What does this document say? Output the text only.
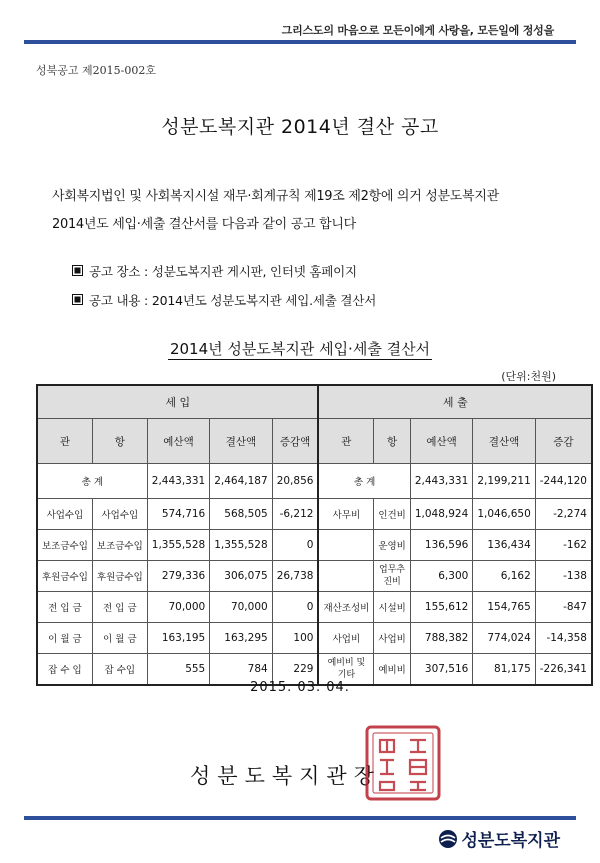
그리스도의 마음으로 모든이에게 사랑을, 모든일에 정성을
성북공고 제2015-002호
성분도복지관 2014년 결산 공고
사회복지법인 및 사회복지시설 재무·회계규칙 제19조 제2항에 의거 성분도복지관
2014년도 세입·세출 결산서를 다음과 같이 공고 합니다
공고 장소 : 성분도복지관 게시판, 인터넷 홈페이지
공고 내용 : 2014년도 성분도복지관 세입.세출 결산서
2014년 성분도복지관 세입·세출 결산서
(단위:천원)
세 입					세 출				
관	항	예산액	결산액	증감액	관	항	예산액	결산액	증감
총 계		2,443,331	2,464,187	20,856	총 계		2,443,331	2,199,211	-244,120
사업수입	사업수입	574,716	568,505	-6,212	사무비	인건비	1,048,924	1,046,650	-2,274
보조금수입	보조금수입	1,355,528	1,355,528	0		운영비	136,596	136,434	-162
후원금수입	후원금수입	279,336	306,075	26,738		업무추진비	6,300	6,162	-138
전 입 금	전 입 금	70,000	70,000	0	재산조성비	시설비	155,612	154,765	-847
이 월 금	이 월 금	163,195	163,295	100	사업비	사업비	788,382	774,024	-14,358
잡 수 입	잡 수입	555	784	229	예비비 및 기타	예비비	307,516	81,175	-226,341
2015. 03. 04.
성분도복지관장
성분도복지관
